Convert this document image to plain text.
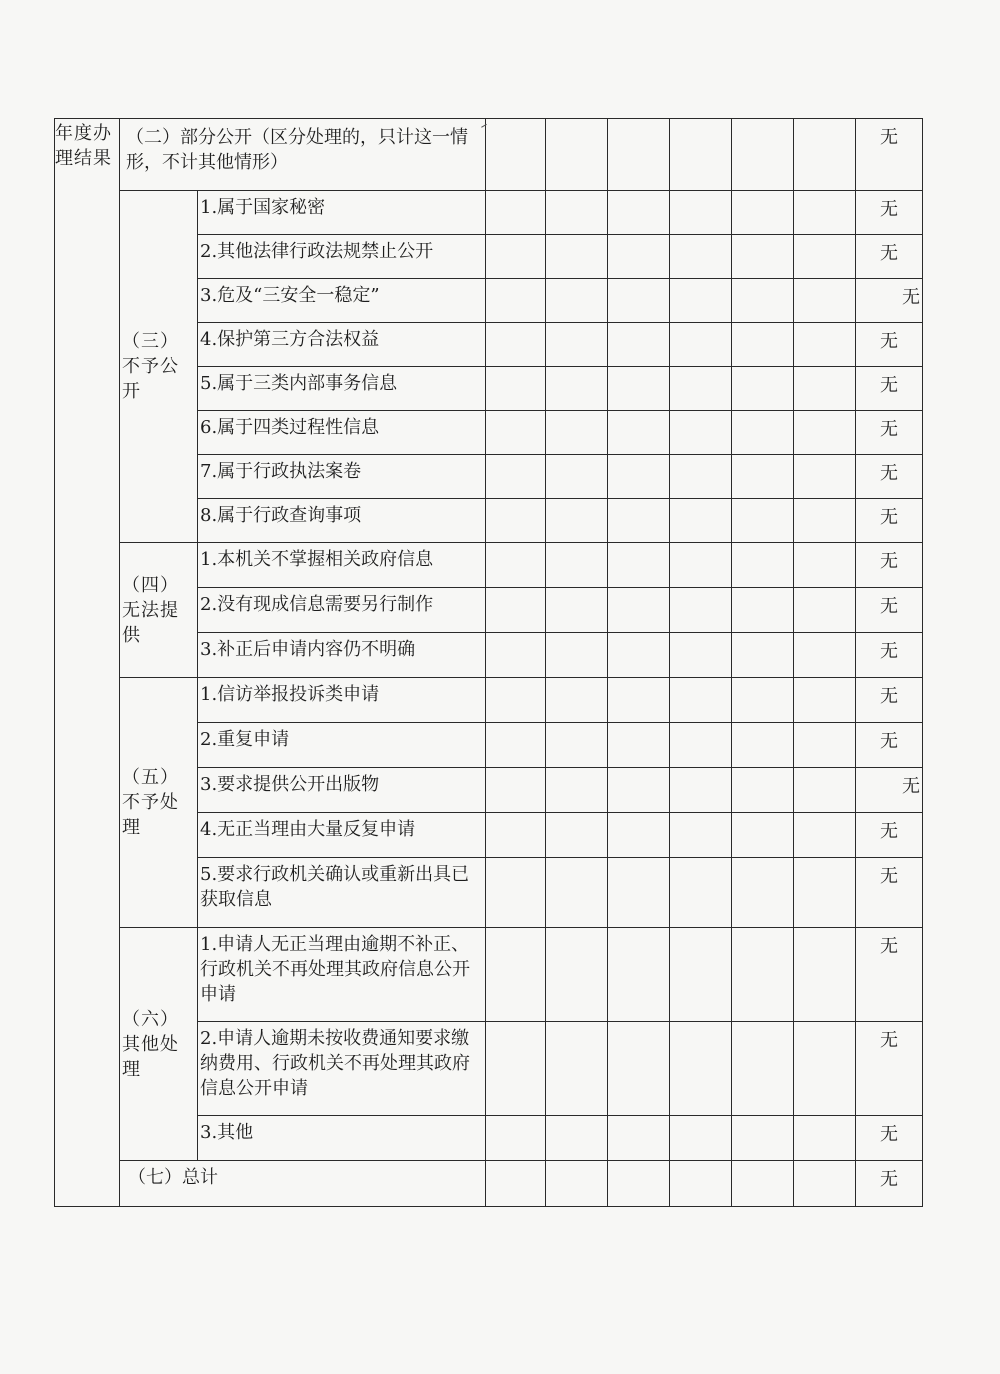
年度办理结果	（二）部分公开（区分处理的，只计这一情形，不计其他情形）								无
	（三）不予公开	1.属于国家秘密							无
		2.其他法律行政法规禁止公开							无
		3.危及“三安全一稳定”							无
		4.保护第三方合法权益							无
		5.属于三类内部事务信息							无
		6.属于四类过程性信息							无
		7.属于行政执法案卷							无
		8.属于行政查询事项							无
	（四）无法提供	1.本机关不掌握相关政府信息							无
		2.没有现成信息需要另行制作							无
		3.补正后申请内容仍不明确							无
	（五）不予处理	1.信访举报投诉类申请							无
		2.重复申请							无
		3.要求提供公开出版物							无
		4.无正当理由大量反复申请							无
		5.要求行政机关确认或重新出具已获取信息							无
	（六）其他处理	1.申请人无正当理由逾期不补正、行政机关不再处理其政府信息公开申请							无
		2.申请人逾期未按收费通知要求缴纳费用、行政机关不再处理其政府信息公开申请							无
		3.其他							无
	（七）总计								无
